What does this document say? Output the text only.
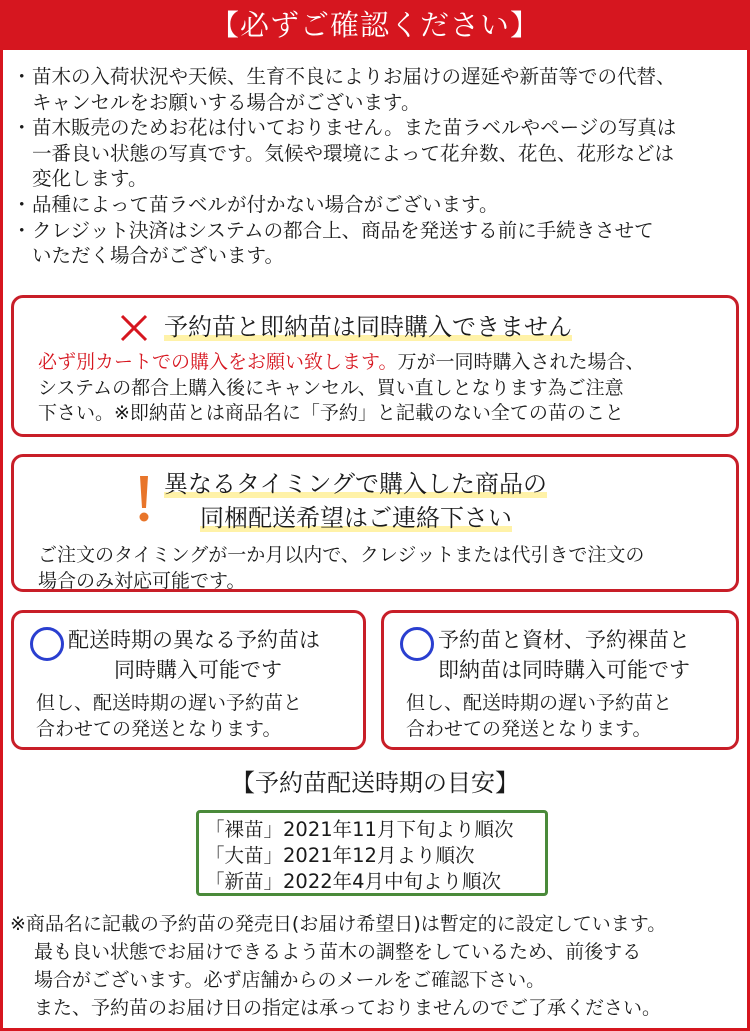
【必ずご確認ください】
・ 苗木の入荷状況や天候、生育不良によりお届けの遅延や新苗等での代替、
キャンセルをお願いする場合がございます。
・ 苗木販売のためお花は付いておりません。また苗ラベルやページの写真は
一番良い状態の写真です。気候や環境によって花弁数、花色、花形などは
変化します。
・ 品種によって苗ラベルが付かない場合がございます。
・ クレジット決済はシステムの都合上、商品を発送する前に手続きさせて
いただく場合がございます。
予約苗と即納苗は同時購入できません
必ず別カートでの購入をお願い致します。万が一同時購入された場合、
システムの都合上購入後にキャンセル、買い直しとなります為ご注意
下さい。※即納苗とは商品名に「予約」と記載のない全ての苗のこと
異なるタイミングで購入した商品の
同梱配送希望はご連絡下さい
ご注文のタイミングが一か月以内で、クレジットまたは代引きで注文の
場合のみ対応可能です。
配送時期の異なる予約苗は
同時購入可能です
但し、配送時期の遅い予約苗と
合わせての発送となります。
予約苗と資材、予約裸苗と
即納苗は同時購入可能です
但し、配送時期の遅い予約苗と
合わせての発送となります。
【予約苗配送時期の目安】
「裸苗」2021年11月下旬より順次
「大苗」2021年12月より順次
「新苗」2022年4月中旬より順次
※商品名に記載の予約苗の発売日(お届け希望日)は暫定的に設定しています。
最も良い状態でお届けできるよう苗木の調整をしているため、前後する
場合がございます。必ず店舗からのメールをご確認下さい。
また、予約苗のお届け日の指定は承っておりませんのでご了承ください。
